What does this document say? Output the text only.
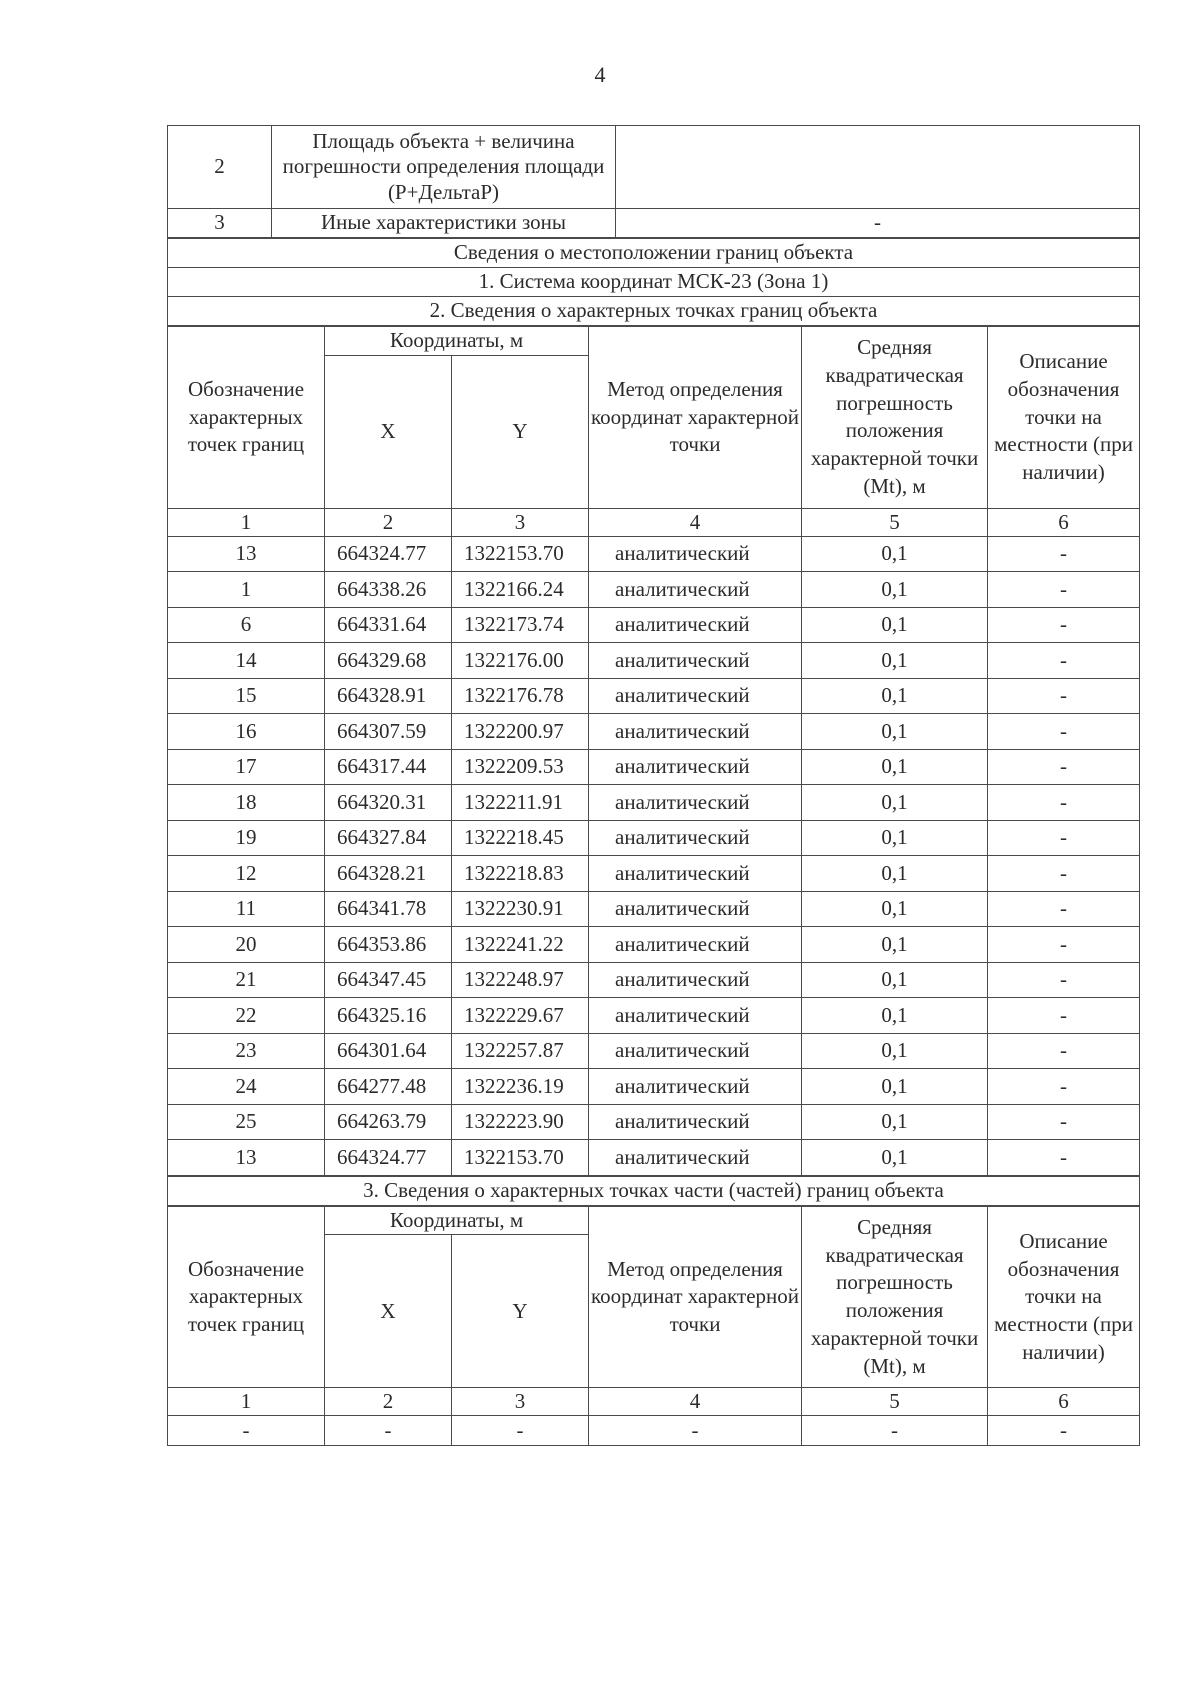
4
2	Площадь объекта + величина погрешности определения площади (P+ДельтаР)	
3	Иные характеристики зоны	-
Сведения о местоположении границ объекта
1. Система координат МСК-23 (Зона 1)
2. Сведения о характерных точках границ объекта
Обозначение характерных точек границ	Координаты, м		Метод определения координат характерной точки	Средняя квадратическая погрешность положения характерной точки (Mt), м	Описание обозначения точки на местности (при наличии)
	X	Y			
1	2	3	4	5	6
13	664324.77	1322153.70	аналитический	0,1	-
1	664338.26	1322166.24	аналитический	0,1	-
6	664331.64	1322173.74	аналитический	0,1	-
14	664329.68	1322176.00	аналитический	0,1	-
15	664328.91	1322176.78	аналитический	0,1	-
16	664307.59	1322200.97	аналитический	0,1	-
17	664317.44	1322209.53	аналитический	0,1	-
18	664320.31	1322211.91	аналитический	0,1	-
19	664327.84	1322218.45	аналитический	0,1	-
12	664328.21	1322218.83	аналитический	0,1	-
11	664341.78	1322230.91	аналитический	0,1	-
20	664353.86	1322241.22	аналитический	0,1	-
21	664347.45	1322248.97	аналитический	0,1	-
22	664325.16	1322229.67	аналитический	0,1	-
23	664301.64	1322257.87	аналитический	0,1	-
24	664277.48	1322236.19	аналитический	0,1	-
25	664263.79	1322223.90	аналитический	0,1	-
13	664324.77	1322153.70	аналитический	0,1	-
3. Сведения о характерных точках части (частей) границ объекта
Обозначение характерных точек границ	Координаты, м		Метод определения координат характерной точки	Средняя квадратическая погрешность положения характерной точки (Mt), м	Описание обозначения точки на местности (при наличии)
	X	Y			
1	2	3	4	5	6
-	-	-	-	-	-
